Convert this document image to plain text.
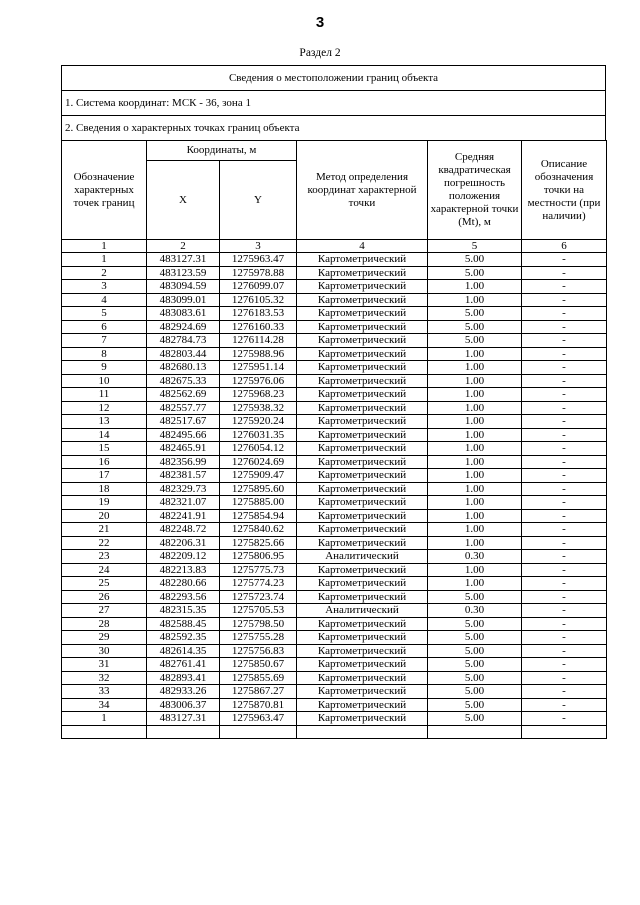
3
Раздел 2
Сведения о местоположении границ объекта
1. Система координат: МСК - 36, зона 1
2. Сведения о характерных точках границ объекта
Обозначение характерных точек границ	Координаты, м		Метод определения координат характерной точки	Средняя квадратическая погрешность положения характерной точки (Mt), м	Описание обозначения точки на местности (при наличии)
	X	Y			
1	2	3	4	5	6
1	483127.31	1275963.47	Картометрический	5.00	-
2	483123.59	1275978.88	Картометрический	5.00	-
3	483094.59	1276099.07	Картометрический	1.00	-
4	483099.01	1276105.32	Картометрический	1.00	-
5	483083.61	1276183.53	Картометрический	5.00	-
6	482924.69	1276160.33	Картометрический	5.00	-
7	482784.73	1276114.28	Картометрический	5.00	-
8	482803.44	1275988.96	Картометрический	1.00	-
9	482680.13	1275951.14	Картометрический	1.00	-
10	482675.33	1275976.06	Картометрический	1.00	-
11	482562.69	1275968.23	Картометрический	1.00	-
12	482557.77	1275938.32	Картометрический	1.00	-
13	482517.67	1275920.24	Картометрический	1.00	-
14	482495.66	1276031.35	Картометрический	1.00	-
15	482465.91	1276054.12	Картометрический	1.00	-
16	482356.99	1276024.69	Картометрический	1.00	-
17	482381.57	1275909.47	Картометрический	1.00	-
18	482329.73	1275895.60	Картометрический	1.00	-
19	482321.07	1275885.00	Картометрический	1.00	-
20	482241.91	1275854.94	Картометрический	1.00	-
21	482248.72	1275840.62	Картометрический	1.00	-
22	482206.31	1275825.66	Картометрический	1.00	-
23	482209.12	1275806.95	Аналитический	0.30	-
24	482213.83	1275775.73	Картометрический	1.00	-
25	482280.66	1275774.23	Картометрический	1.00	-
26	482293.56	1275723.74	Картометрический	5.00	-
27	482315.35	1275705.53	Аналитический	0.30	-
28	482588.45	1275798.50	Картометрический	5.00	-
29	482592.35	1275755.28	Картометрический	5.00	-
30	482614.35	1275756.83	Картометрический	5.00	-
31	482761.41	1275850.67	Картометрический	5.00	-
32	482893.41	1275855.69	Картометрический	5.00	-
33	482933.26	1275867.27	Картометрический	5.00	-
34	483006.37	1275870.81	Картометрический	5.00	-
1	483127.31	1275963.47	Картометрический	5.00	-
